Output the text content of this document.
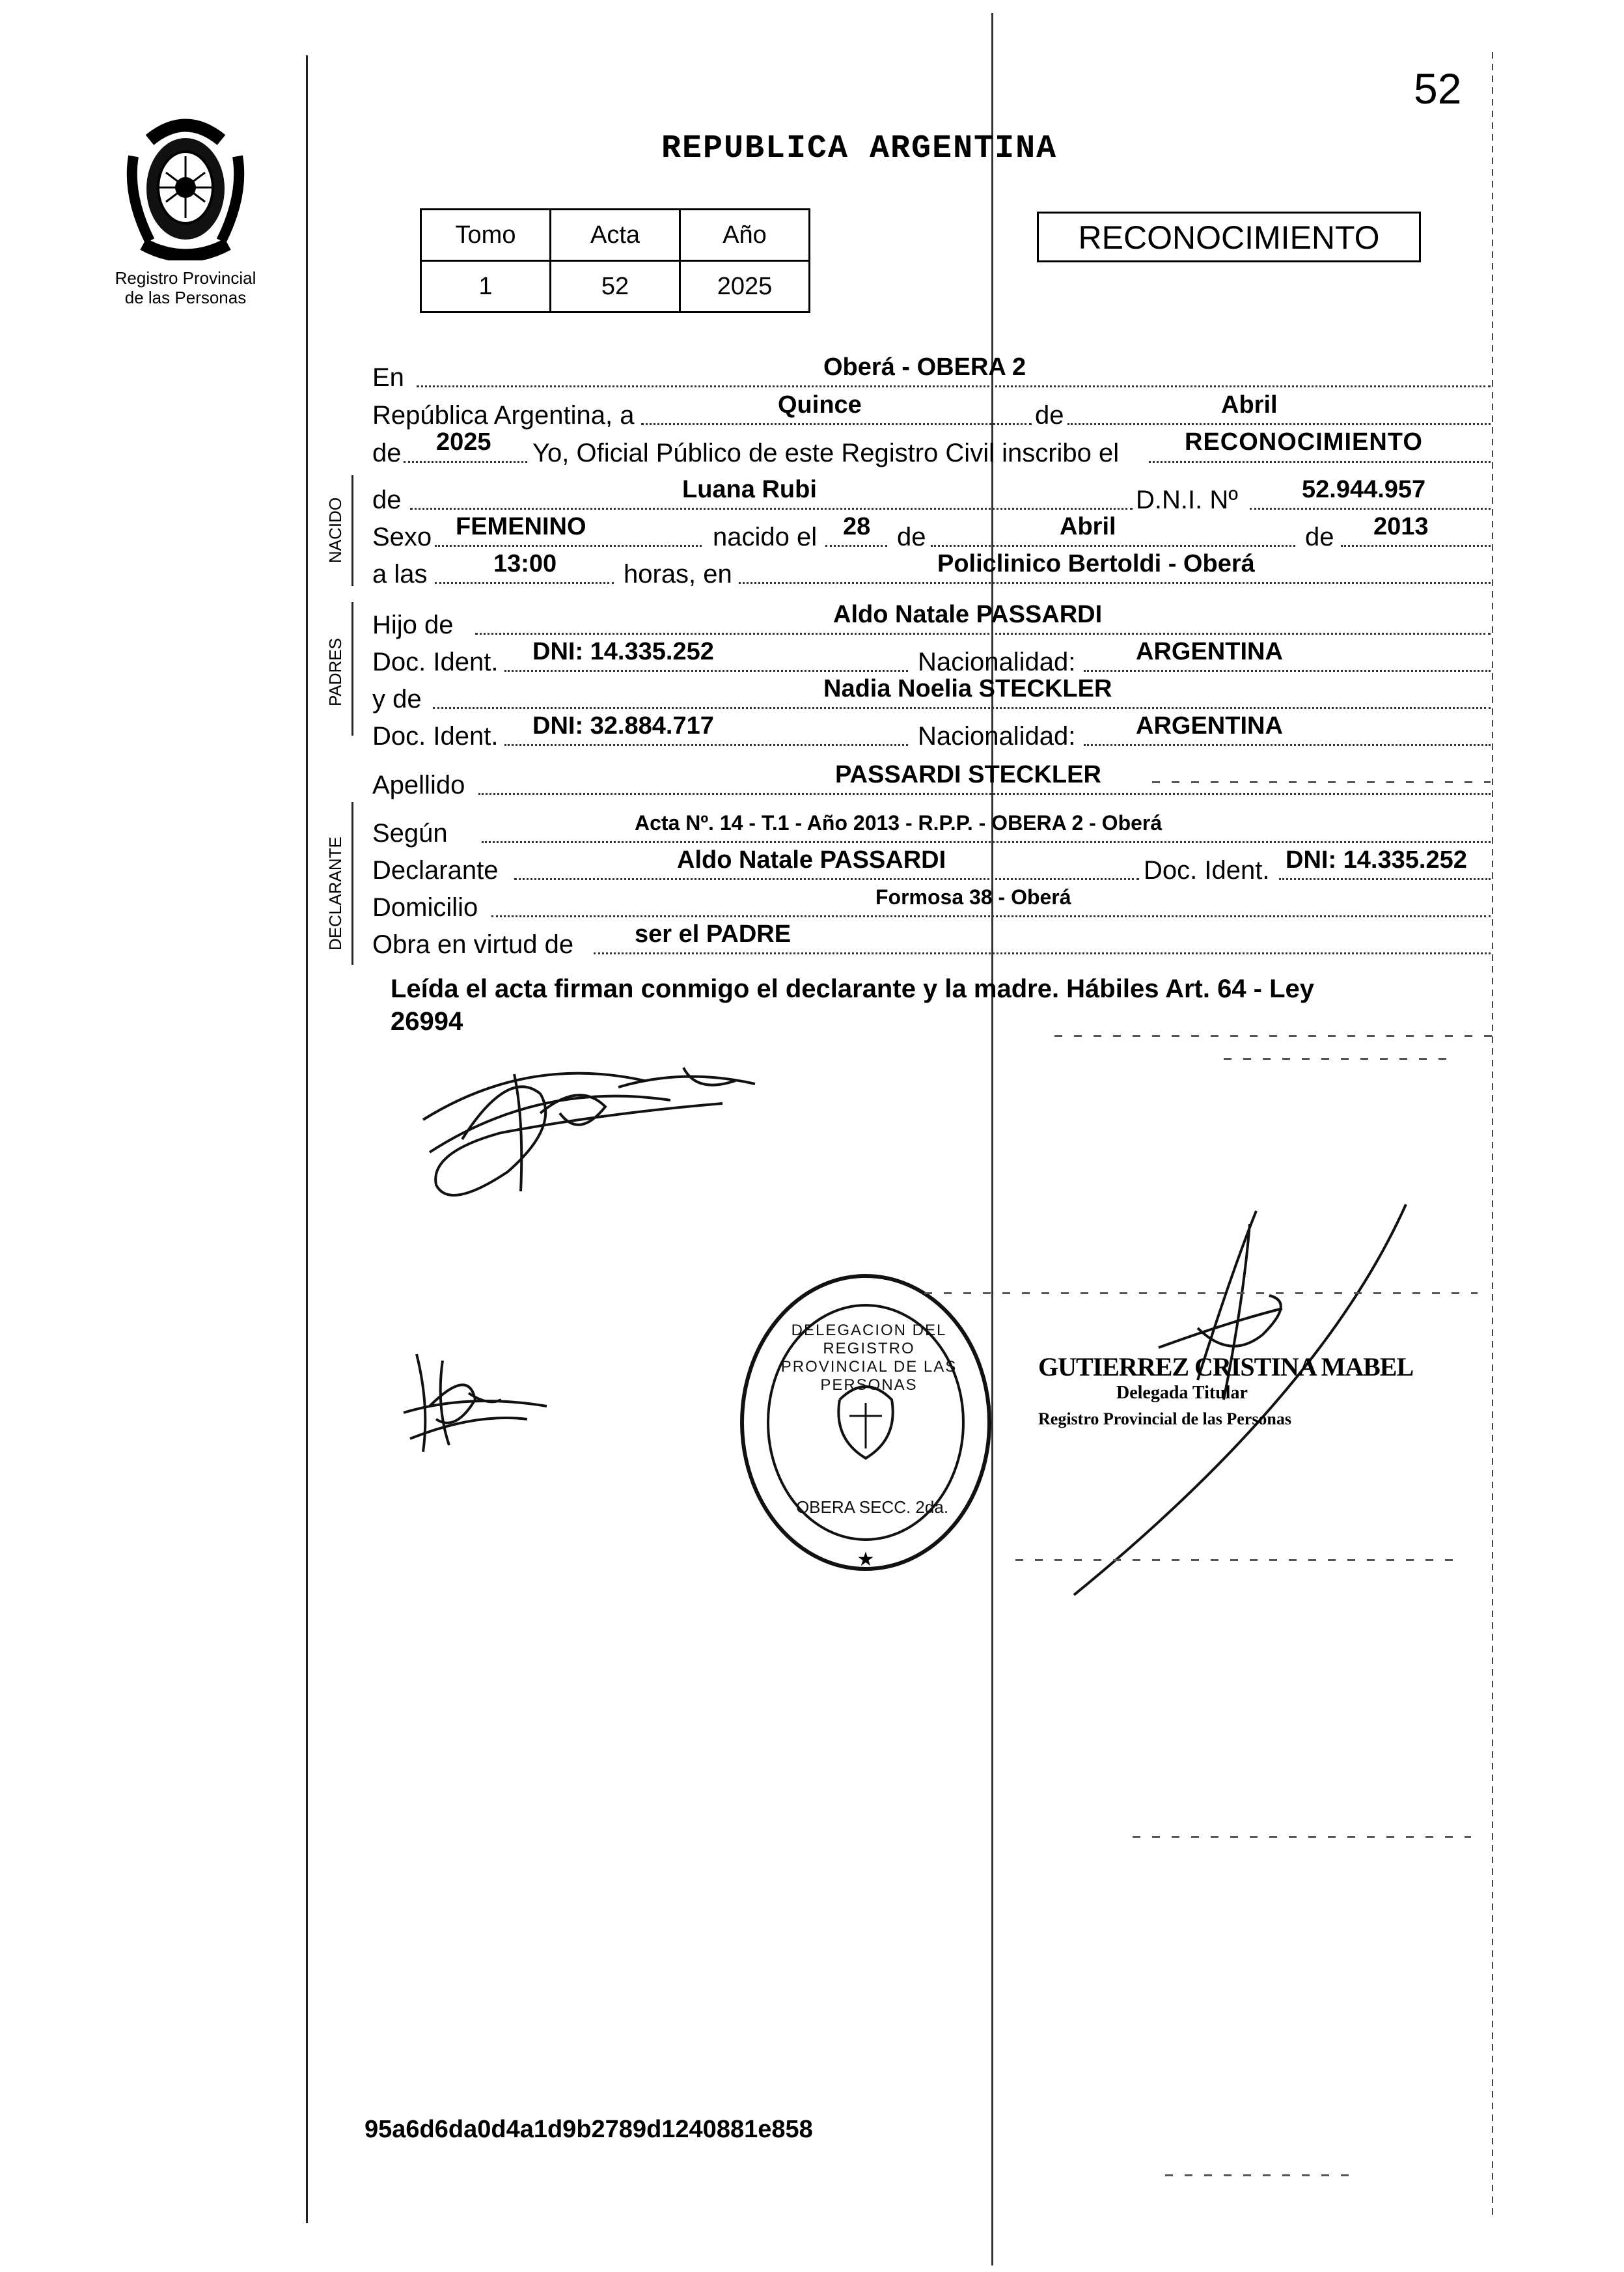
52
Registro Provincial
de las Personas
REPUBLICA ARGENTINA
Tomo	Acta	Año
1	52	2025
RECONOCIMIENTO
NACIDO
PADRES
DECLARANTE
En	Oberá - OBERA 2
República Argentina, a	Quince	de	Abril
de 2025 Yo, Oficial Público de este Registro Civil inscribo el	RECONOCIMIENTO
de	Luana Rubi	D.N.I. Nº	52.944.957
Sexo FEMENINO	nacido el 28 de	Abril	de 2013
a las	13:00	horas, en	Policlinico Bertoldi - Oberá
Hijo de	Aldo Natale PASSARDI
Doc. Ident. DNI: 14.335.252	Nacionalidad: ARGENTINA
y de	Nadia Noelia STECKLER
Doc. Ident. DNI: 32.884.717	Nacionalidad: ARGENTINA
Apellido	PASSARDI STECKLER
Según	Acta Nº. 14 - T.1 - Año 2013 - R.P.P. - OBERA 2 - Oberá
Declarante	Aldo Natale PASSARDI	Doc. Ident. DNI: 14.335.252
Domicilio	Formosa 38 - Oberá
Obra en virtud de ser el PADRE
Leída el acta firman conmigo el declarante y la madre. Hábiles Art. 64 - Ley
26994
★
DELEGACION DEL REGISTRO PROVINCIAL DE LAS PERSONAS
OBERA SECC. 2da.
GUTIERREZ CRISTINA MABEL
Delegada Titular
Registro Provincial de las Personas
95a6d6da0d4a1d9b2789d1240881e858
